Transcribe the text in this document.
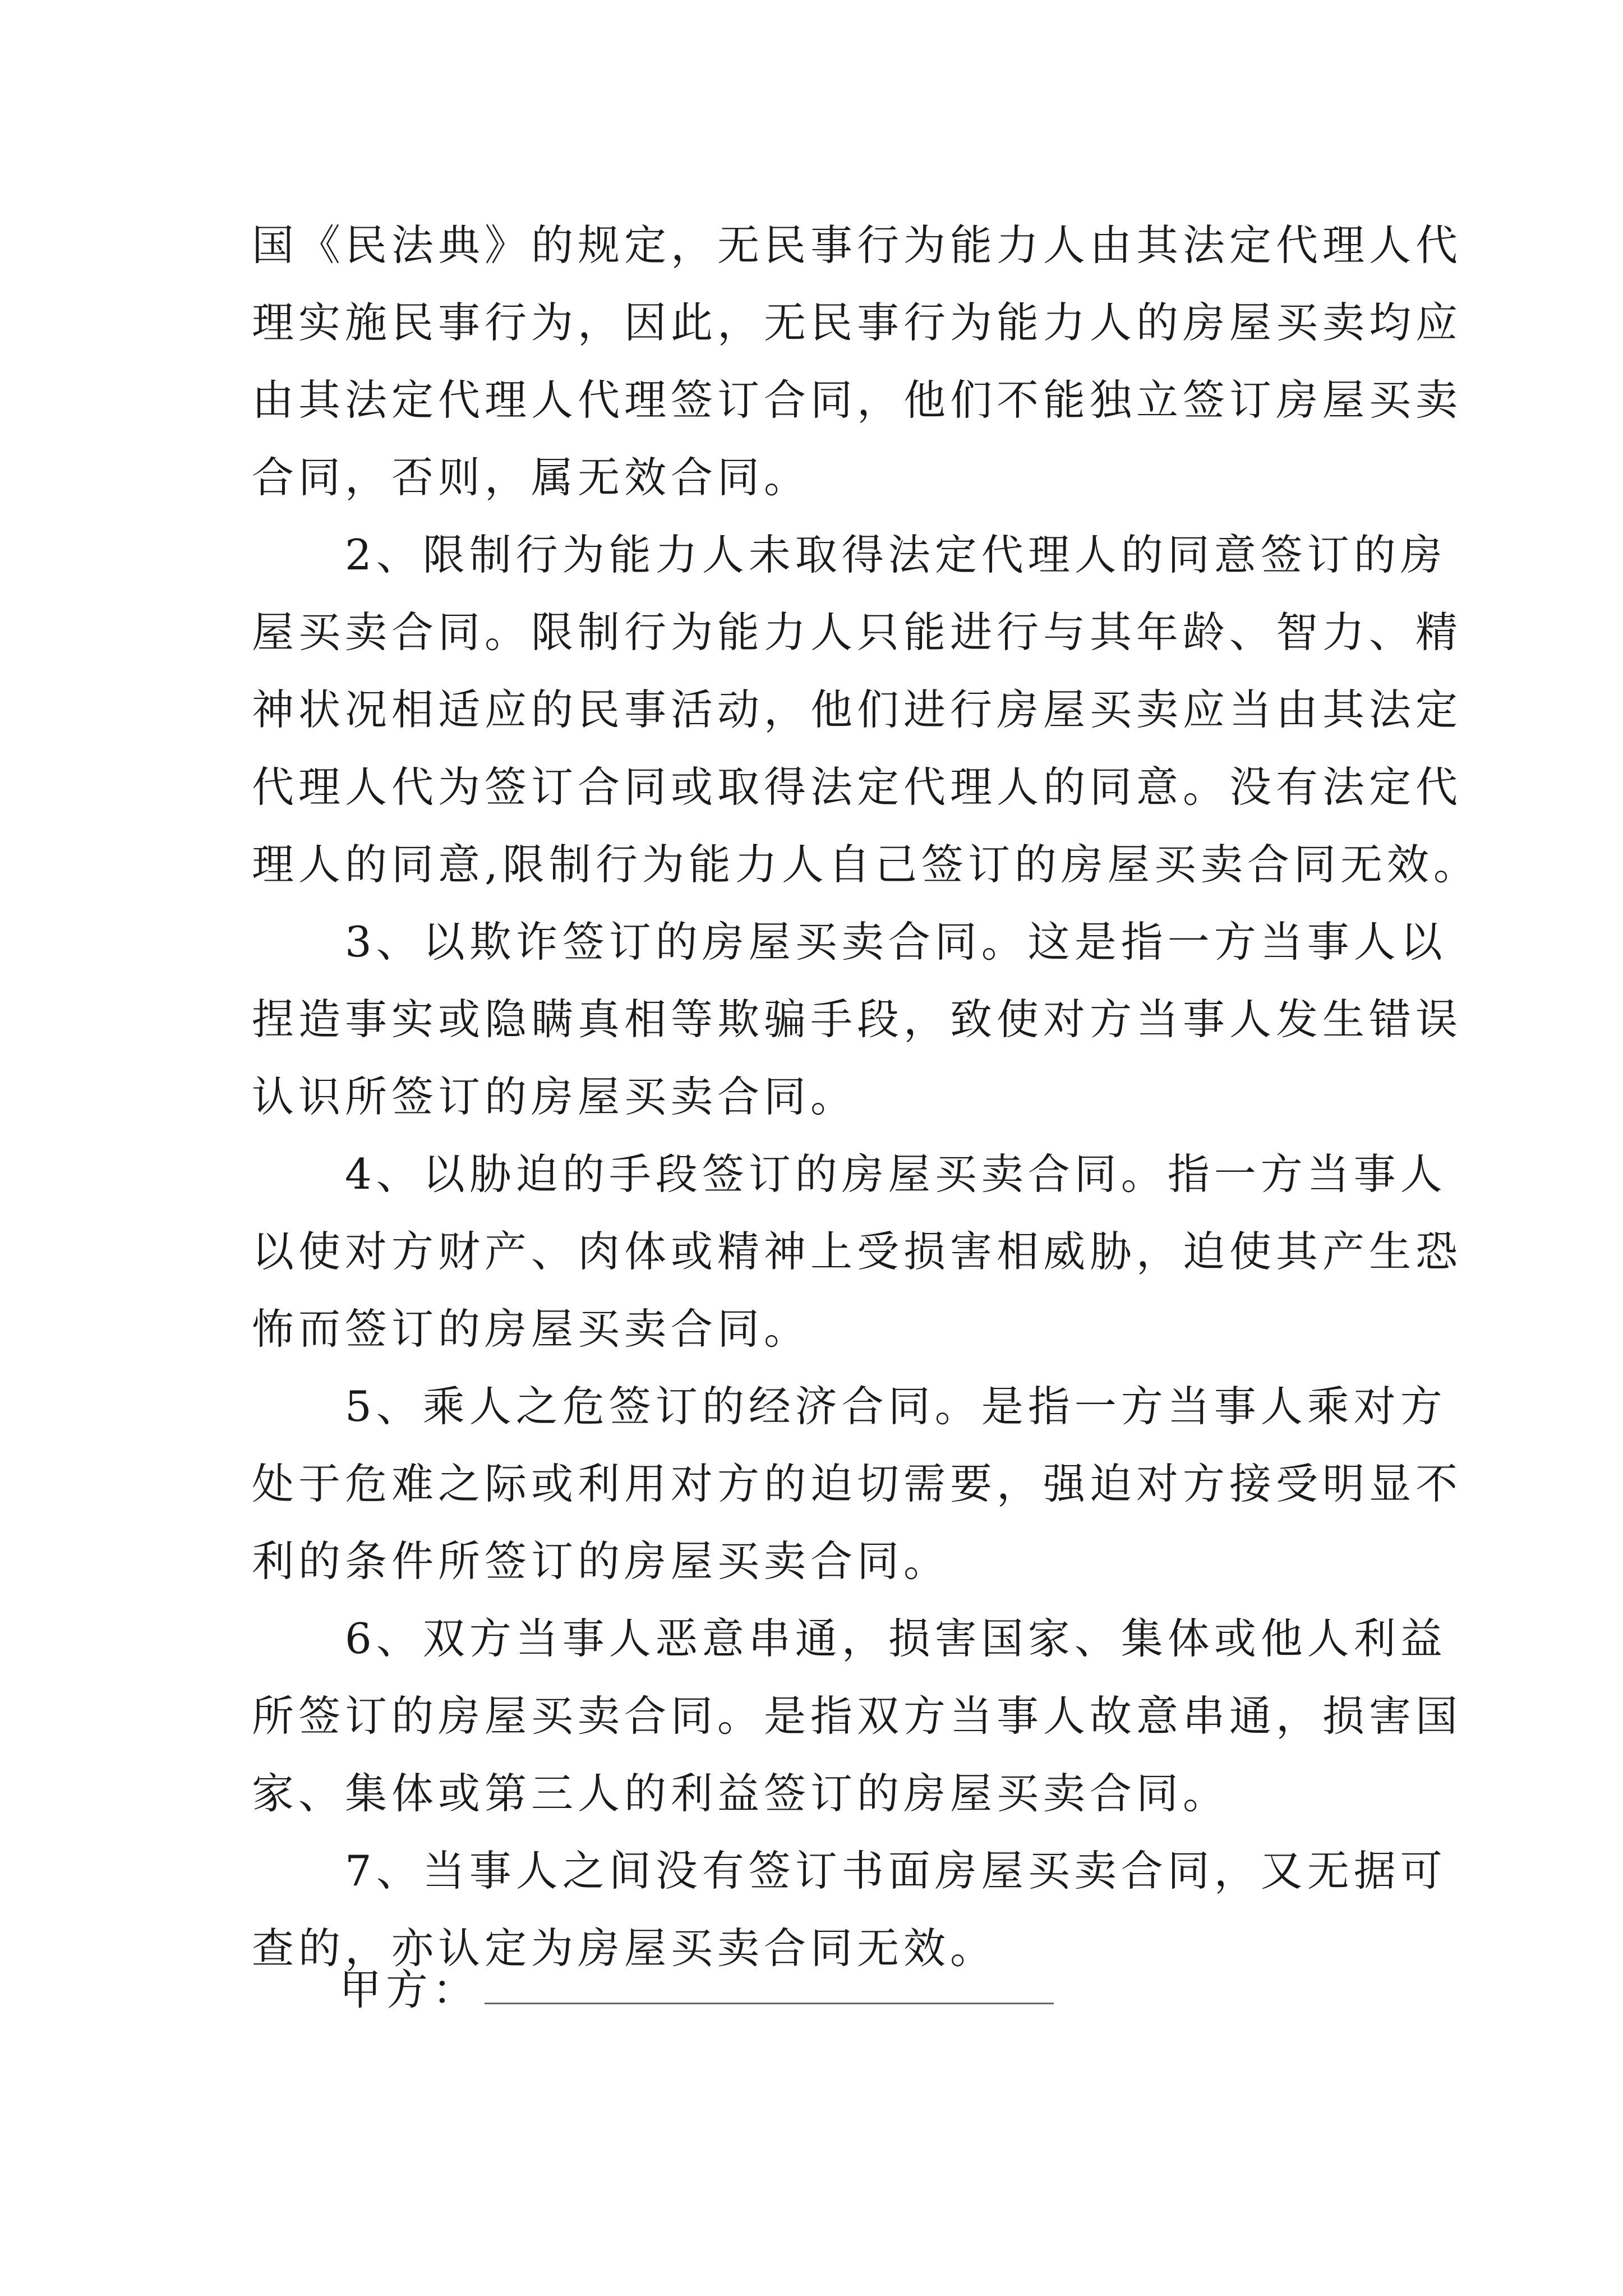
国《民法典》的规定，无民事行为能力人由其法定代理人代
理实施民事行为，因此，无民事行为能力人的房屋买卖均应
由其法定代理人代理签订合同，他们不能独立签订房屋买卖
合同，否则，属无效合同。
　　2、限制行为能力人未取得法定代理人的同意签订的房
屋买卖合同。限制行为能力人只能进行与其年龄、智力、精
神状况相适应的民事活动，他们进行房屋买卖应当由其法定
代理人代为签订合同或取得法定代理人的同意。没有法定代
理人的同意,限制行为能力人自己签订的房屋买卖合同无效。
　　3、以欺诈签订的房屋买卖合同。这是指一方当事人以
捏造事实或隐瞒真相等欺骗手段，致使对方当事人发生错误
认识所签订的房屋买卖合同。
　　4、以胁迫的手段签订的房屋买卖合同。指一方当事人
以使对方财产、肉体或精神上受损害相威胁，迫使其产生恐
怖而签订的房屋买卖合同。
　　5、乘人之危签订的经济合同。是指一方当事人乘对方
处于危难之际或利用对方的迫切需要，强迫对方接受明显不
利的条件所签订的房屋买卖合同。
　　6、双方当事人恶意串通，损害国家、集体或他人利益
所签订的房屋买卖合同。是指双方当事人故意串通，损害国
家、集体或第三人的利益签订的房屋买卖合同。
　　7、当事人之间没有签订书面房屋买卖合同，又无据可
查的，亦认定为房屋买卖合同无效。
甲方：
